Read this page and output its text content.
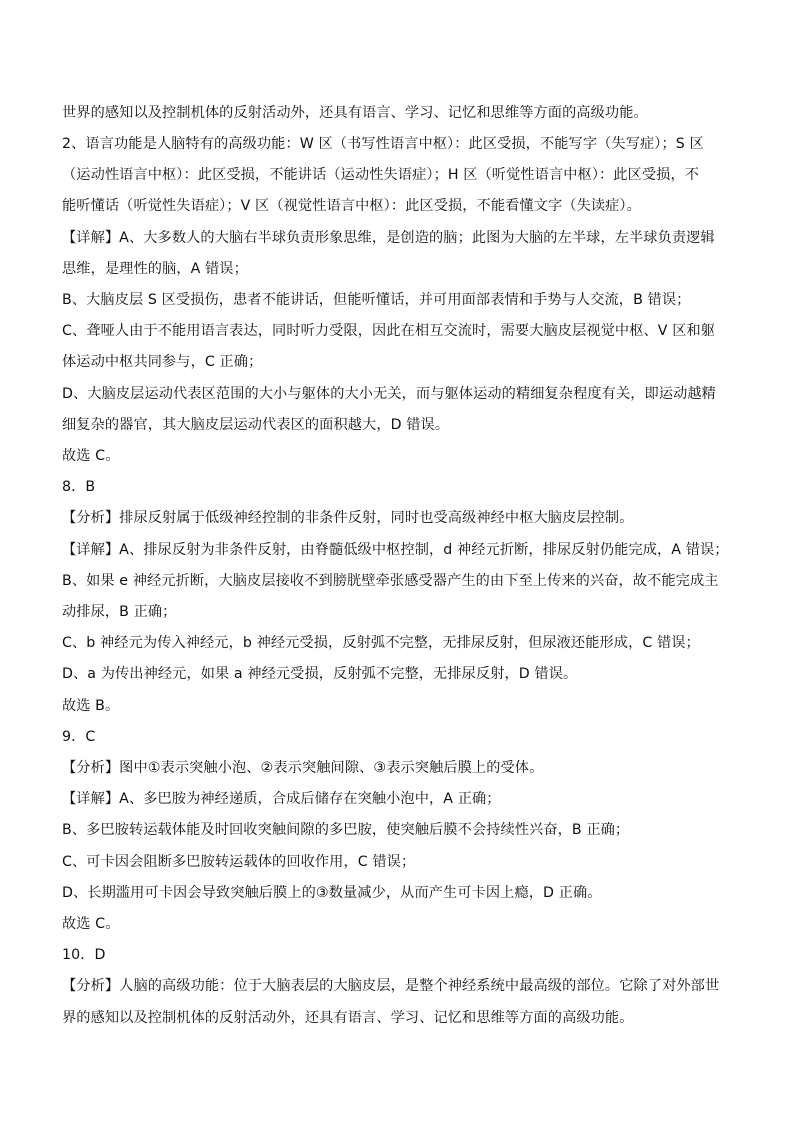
世界的感知以及控制机体的反射活动外，还具有语言、学习、记忆和思维等方面的高级功能。
2、语言功能是人脑特有的高级功能：W 区（书写性语言中枢）：此区受损，不能写字（失写症）；S 区
（运动性语言中枢）：此区受损，不能讲话（运动性失语症）；H 区（听觉性语言中枢）：此区受损，不
能听懂话（听觉性失语症）；V 区（视觉性语言中枢）：此区受损，不能看懂文字（失读症）。
【详解】A、大多数人的大脑右半球负责形象思维，是创造的脑；此图为大脑的左半球，左半球负责逻辑
思维，是理性的脑，A 错误；
B、大脑皮层 S 区受损伤，患者不能讲话，但能听懂话，并可用面部表情和手势与人交流，B 错误；
C、聋哑人由于不能用语言表达，同时听力受限，因此在相互交流时，需要大脑皮层视觉中枢、V 区和躯
体运动中枢共同参与，C 正确；
D、大脑皮层运动代表区范围的大小与躯体的大小无关，而与躯体运动的精细复杂程度有关，即运动越精
细复杂的器官，其大脑皮层运动代表区的面积越大，D 错误。
故选 C。
8．B
【分析】排尿反射属于低级神经控制的非条件反射，同时也受高级神经中枢大脑皮层控制。
【详解】A、排尿反射为非条件反射，由脊髓低级中枢控制，d 神经元折断，排尿反射仍能完成，A 错误；
B、如果 e 神经元折断，大脑皮层接收不到膀胱壁牵张感受器产生的由下至上传来的兴奋，故不能完成主
动排尿，B 正确；
C、b 神经元为传入神经元，b 神经元受损，反射弧不完整，无排尿反射，但尿液还能形成，C 错误；
D、a 为传出神经元，如果 a 神经元受损，反射弧不完整，无排尿反射，D 错误。
故选 B。
9．C
【分析】图中①表示突触小泡、②表示突触间隙、③表示突触后膜上的受体。
【详解】A、多巴胺为神经递质，合成后储存在突触小泡中，A 正确；
B、多巴胺转运载体能及时回收突触间隙的多巴胺，使突触后膜不会持续性兴奋，B 正确；
C、可卡因会阻断多巴胺转运载体的回收作用，C 错误；
D、长期滥用可卡因会导致突触后膜上的③数量减少，从而产生可卡因上瘾，D 正确。
故选 C。
10．D
【分析】人脑的高级功能：位于大脑表层的大脑皮层，是整个神经系统中最高级的部位。它除了对外部世
界的感知以及控制机体的反射活动外，还具有语言、学习、记忆和思维等方面的高级功能。
